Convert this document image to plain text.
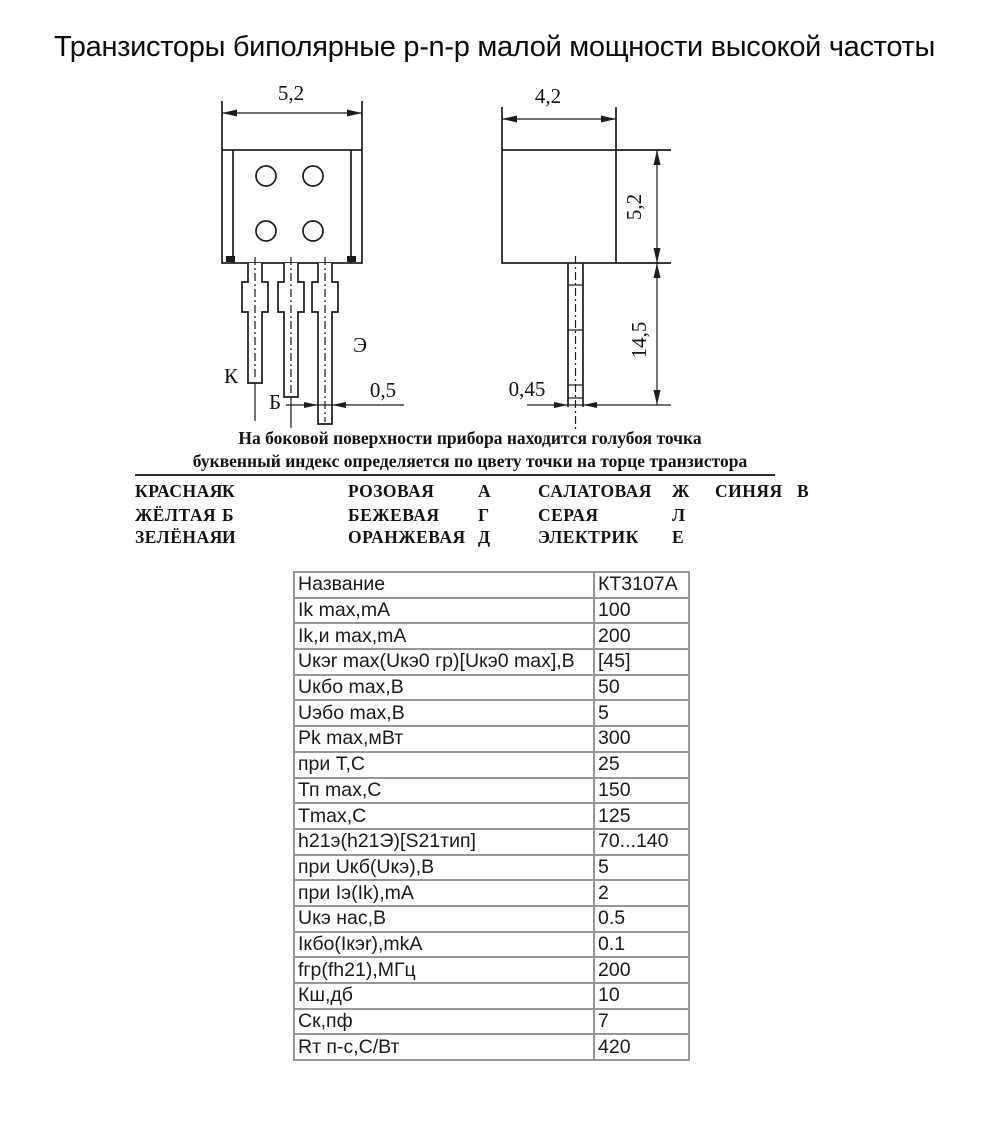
Транзисторы биполярные p-n-p малой мощности высокой частоты
5,2
К
Б
Э
0,5
4,2
5,2
14,5
0,45
На боковой поверхности прибора находится голубоя точка
буквенный индекс определяется по цвету точки на торце транзистора
КРАСНАЯ К	РОЗОВАЯ А	САЛАТОВАЯ Ж СИНЯЯ В
ЖЁЛТАЯ Б	БЕЖЕВАЯ Г	СЕРАЯ	Л
ЗЕЛЁНАЯ И	ОРАНЖЕВАЯ Д	ЭЛЕКТРИК Е
Название	КТ3107А
Ik max,mA	100
Ik,и max,mA	200
Uкэr max(Uкэ0 гр)[Uкэ0 max],В	[45]
Uкбо max,В	50
Uэбо max,В	5
Pk max,мВт	300
при Т,С	25
Тп max,С	150
Tmax,С	125
h21э(h21Э)[S21тип]	70...140
при Uкб(Uкэ),В	5
при Iэ(Ik),mA	2
Uкэ нас,В	0.5
Iкбо(Iкэr),mkA	0.1
fгр(fh21),МГц	200
Кш,дб	10
Ск,пф	7
Rт п-с,С/Вт	420
